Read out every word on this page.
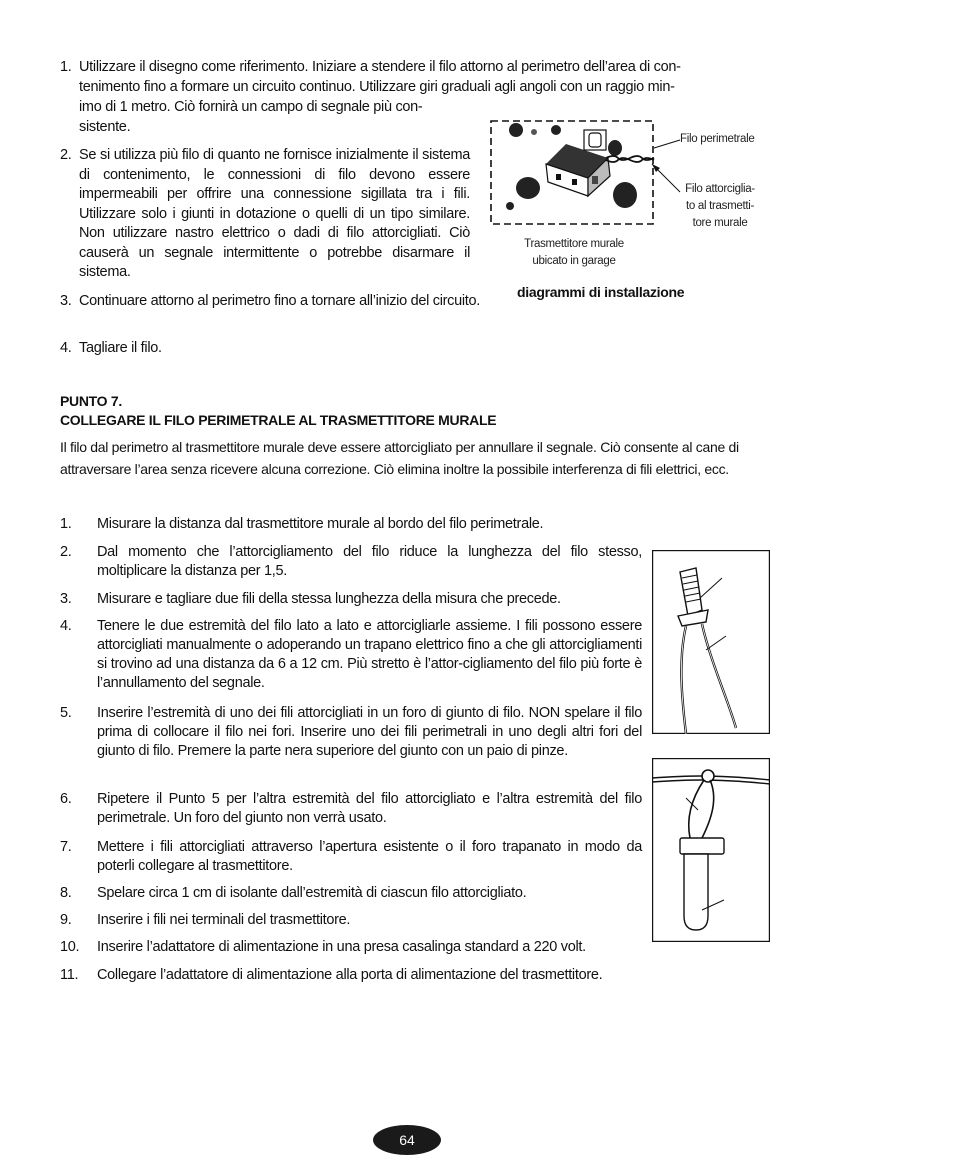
1. Utilizzare il disegno come riferimento. Iniziare a stendere il filo attorno al perimetro dell’area di con-
tenimento fino a formare un circuito continuo. Utilizzare giri graduali agli angoli con un raggio min-
imo di 1 metro. Ciò fornirà un campo di segnale più con-
sistente.
2. Se si utilizza più filo di quanto ne fornisce inizialmente il sistema di contenimento, le connessioni di filo devono essere impermeabili per offrire una connessione sigillata tra i fili. Utilizzare solo i giunti in dotazione o quelli di un tipo similare. Non utilizzare nastro elettrico o dadi di filo attorcigliati. Ciò causerà un segnale intermittente o potrebbe disarmare il sistema.
3. Continuare attorno al perimetro fino a tornare all’inizio del circuito.
4. Tagliare il filo.
Filo perimetrale
Filo attorciglia-
to al trasmetti-
tore murale
Trasmettitore murale
ubicato in garage
diagrammi di installazione
PUNTO 7.
COLLEGARE IL FILO PERIMETRALE AL TRASMETTITORE MURALE
Il filo dal perimetro al trasmettitore murale deve essere attorcigliato per annullare il segnale. Ciò consente al cane di attraversare l’area senza ricevere alcuna correzione. Ciò elimina inoltre la possibile interferenza di fili elettrici, ecc.
1. Misurare la distanza dal trasmettitore murale al bordo del filo perimetrale.
2. Dal momento che l’attorcigliamento del filo riduce la lunghezza del filo stesso, moltiplicare la distanza per 1,5.
3. Misurare e tagliare due fili della stessa lunghezza della misura che precede.
4. Tenere le due estremità del filo lato a lato e attorcigliarle assieme. I fili possono essere attorcigliati manualmente o adoperando un trapano elettrico fino a che gli attorcigliamenti si trovino ad una distanza da 6 a 12 cm. Più stretto è l’attor-cigliamento del filo più forte è l’annullamento del segnale.
5. Inserire l’estremità di uno dei fili attorcigliati in un foro di giunto di filo. NON spelare il filo prima di collocare il filo nei fori. Inserire uno dei fili perimetrali in uno degli altri fori del giunto di filo. Premere la parte nera superiore del giunto con un paio di pinze.
6. Ripetere il Punto 5 per l’altra estremità del filo attorcigliato e l’altra estremità del filo perimetrale. Un foro del giunto non verrà usato.
7. Mettere i fili attorcigliati attraverso l’apertura esistente o il foro trapanato in modo da poterli collegare al trasmettitore.
8. Spelare circa 1 cm di isolante dall’estremità di ciascun filo attorcigliato.
9. Inserire i fili nei terminali del trasmettitore.
10. Inserire l’adattatore di alimentazione in una presa casalinga standard a 220 volt.
11. Collegare l’adattatore di alimentazione alla porta di alimentazione del trasmettitore.
64
